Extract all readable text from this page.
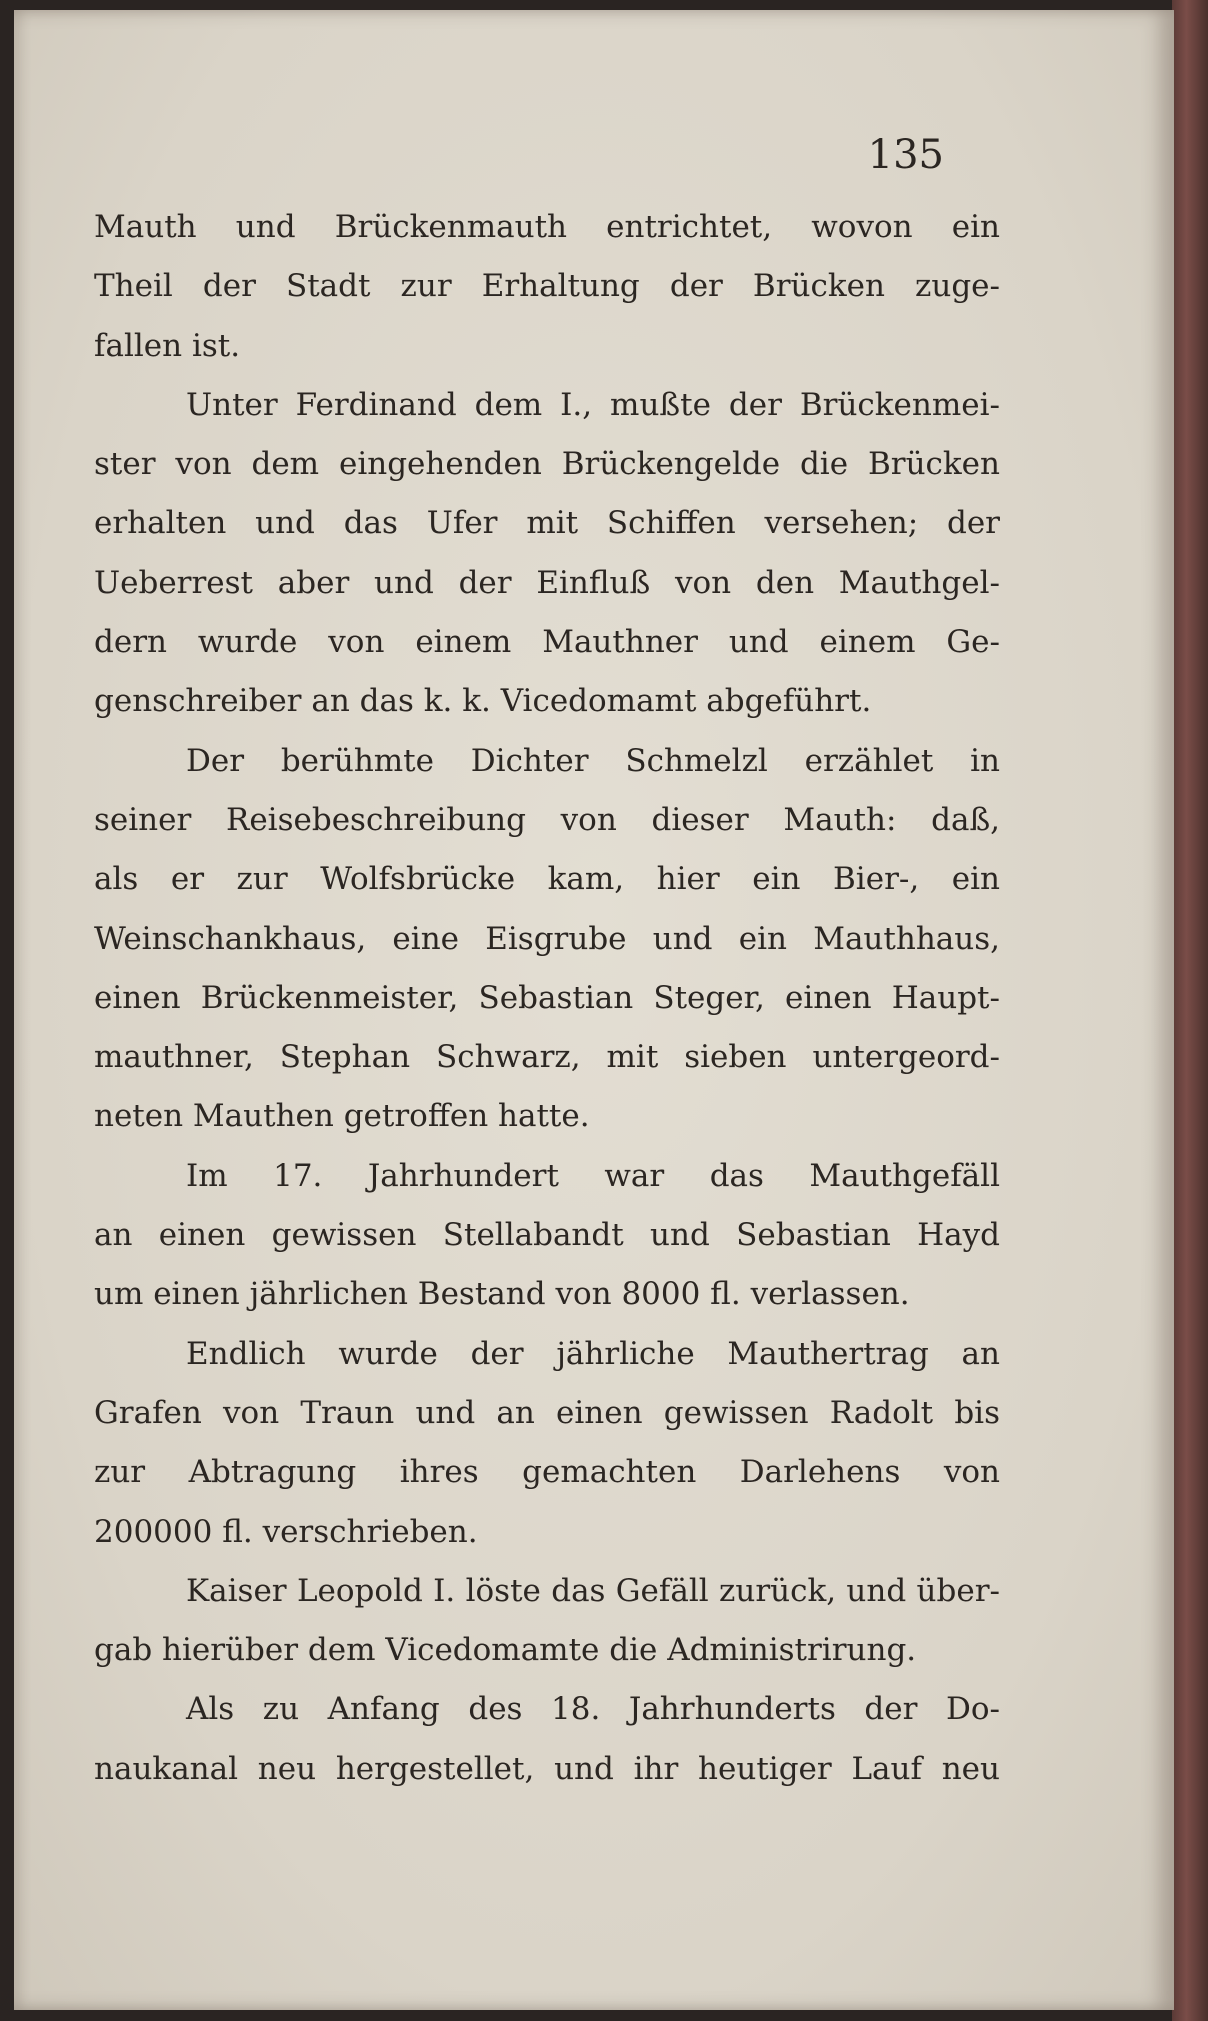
135

Mauth und Brückenmauth entrichtet, wovon ein
Theil der Stadt zur Erhaltung der Brücken zuge-
fallen ist.

Unter Ferdinand dem I., mußte der Brückenmei-
ster von dem eingehenden Brückengelde die Brücken
erhalten und das Ufer mit Schiffen versehen; der
Ueberrest aber und der Einfluß von den Mauthgel-
dern wurde von einem Mauthner und einem Ge-
genschreiber an das k. k. Vicedomamt abgeführt.

Der berühmte Dichter Schmelzl erzählet in
seiner Reisebeschreibung von dieser Mauth: daß,
als er zur Wolfsbrücke kam, hier ein Bier-, ein
Weinschankhaus, eine Eisgrube und ein Mauthhaus,
einen Brückenmeister, Sebastian Steger, einen Haupt-
mauthner, Stephan Schwarz, mit sieben untergeord-
neten Mauthen getroffen hatte.

Im 17. Jahrhundert war das Mauthgefäll
an einen gewissen Stellabandt und Sebastian Hayd
um einen jährlichen Bestand von 8000 fl. verlassen.

Endlich wurde der jährliche Mauthertrag an
Grafen von Traun und an einen gewissen Radolt bis
zur Abtragung ihres gemachten Darlehens von
200000 fl. verschrieben.

Kaiser Leopold I. löste das Gefäll zurück, und über-
gab hierüber dem Vicedomamte die Administrirung.

Als zu Anfang des 18. Jahrhunderts der Do-
naukanal neu hergestellet, und ihr heutiger Lauf neu
